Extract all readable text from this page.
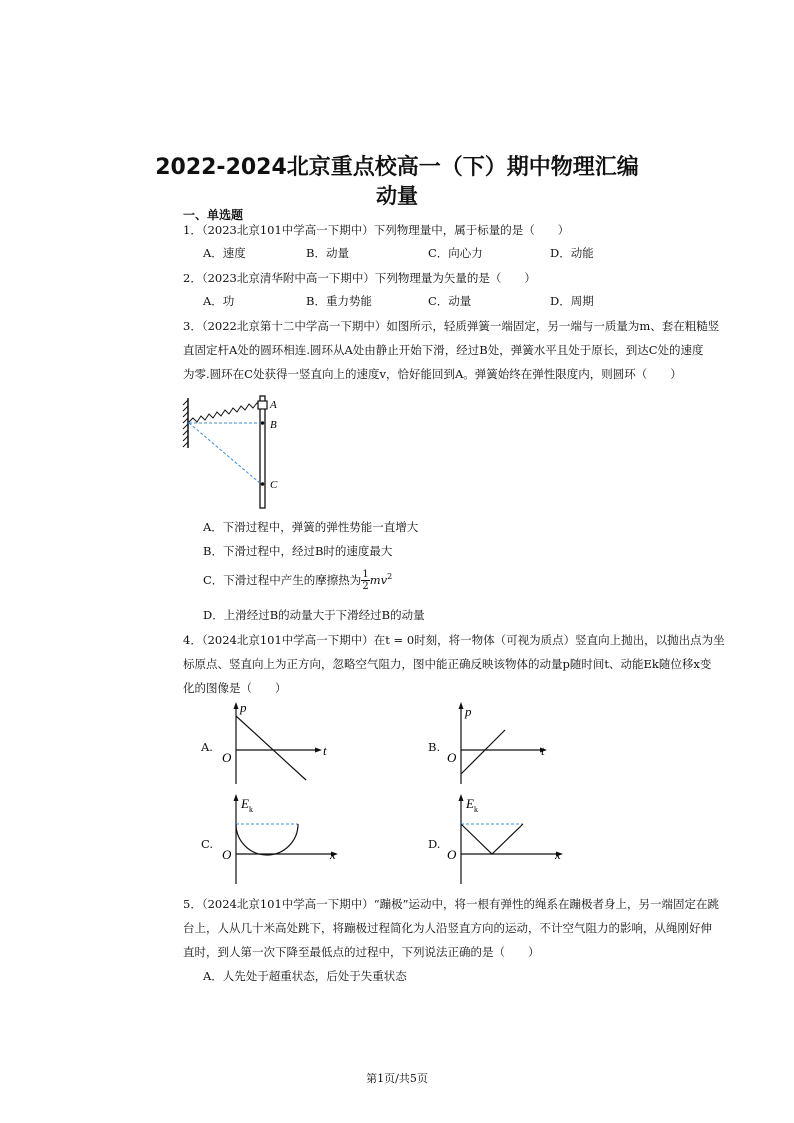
2022-2024北京重点校高一（下）期中物理汇编
动量
一、单选题
1．（2023北京101中学高一下期中）下列物理量中，属于标量的是（　　）
A．速度	B．动量	C．向心力	D．动能
2．（2023北京清华附中高一下期中）下列物理量为矢量的是（　　）
A．功	B．重力势能	C．动量	D．周期
3．（2022北京第十二中学高一下期中）如图所示，轻质弹簧一端固定，另一端与一质量为m、套在粗糙竖
直固定杆A处的圆环相连.圆环从A处由静止开始下滑，经过B处，弹簧水平且处于原长，到达C处的速度
为零.圆环在C处获得一竖直向上的速度v，恰好能回到A。弹簧始终在弹性限度内，则圆环（　　）
A
B
C
A．下滑过程中，弹簧的弹性势能一直增大
B．下滑过程中，经过B时的速度最大
C．下滑过程中产生的摩擦热为 $\frac{1}{2} mv^2$
D．上滑经过B的动量大于下滑经过B的动量
4．（2024北京101中学高一下期中）在t = 0时刻，将一物体（可视为质点）竖直向上抛出，以抛出点为坐
标原点、竖直向上为正方向，忽略空气阻力，图中能正确反映该物体的动量p随时间t、动能Ek随位移x变
化的图像是（　　）
A.
p
t
O
B.
p
t
O
C.
$E_k$
x
O
D.
$E_k$
x
O
5．（2024北京101中学高一下期中）“蹦极”运动中，将一根有弹性的绳系在蹦极者身上，另一端固定在跳
台上，人从几十米高处跳下，将蹦极过程简化为人沿竖直方向的运动，不计空气阻力的影响，从绳刚好伸
直时，到人第一次下降至最低点的过程中，下列说法正确的是（　　）
A．人先处于超重状态，后处于失重状态
第1页/共5页
